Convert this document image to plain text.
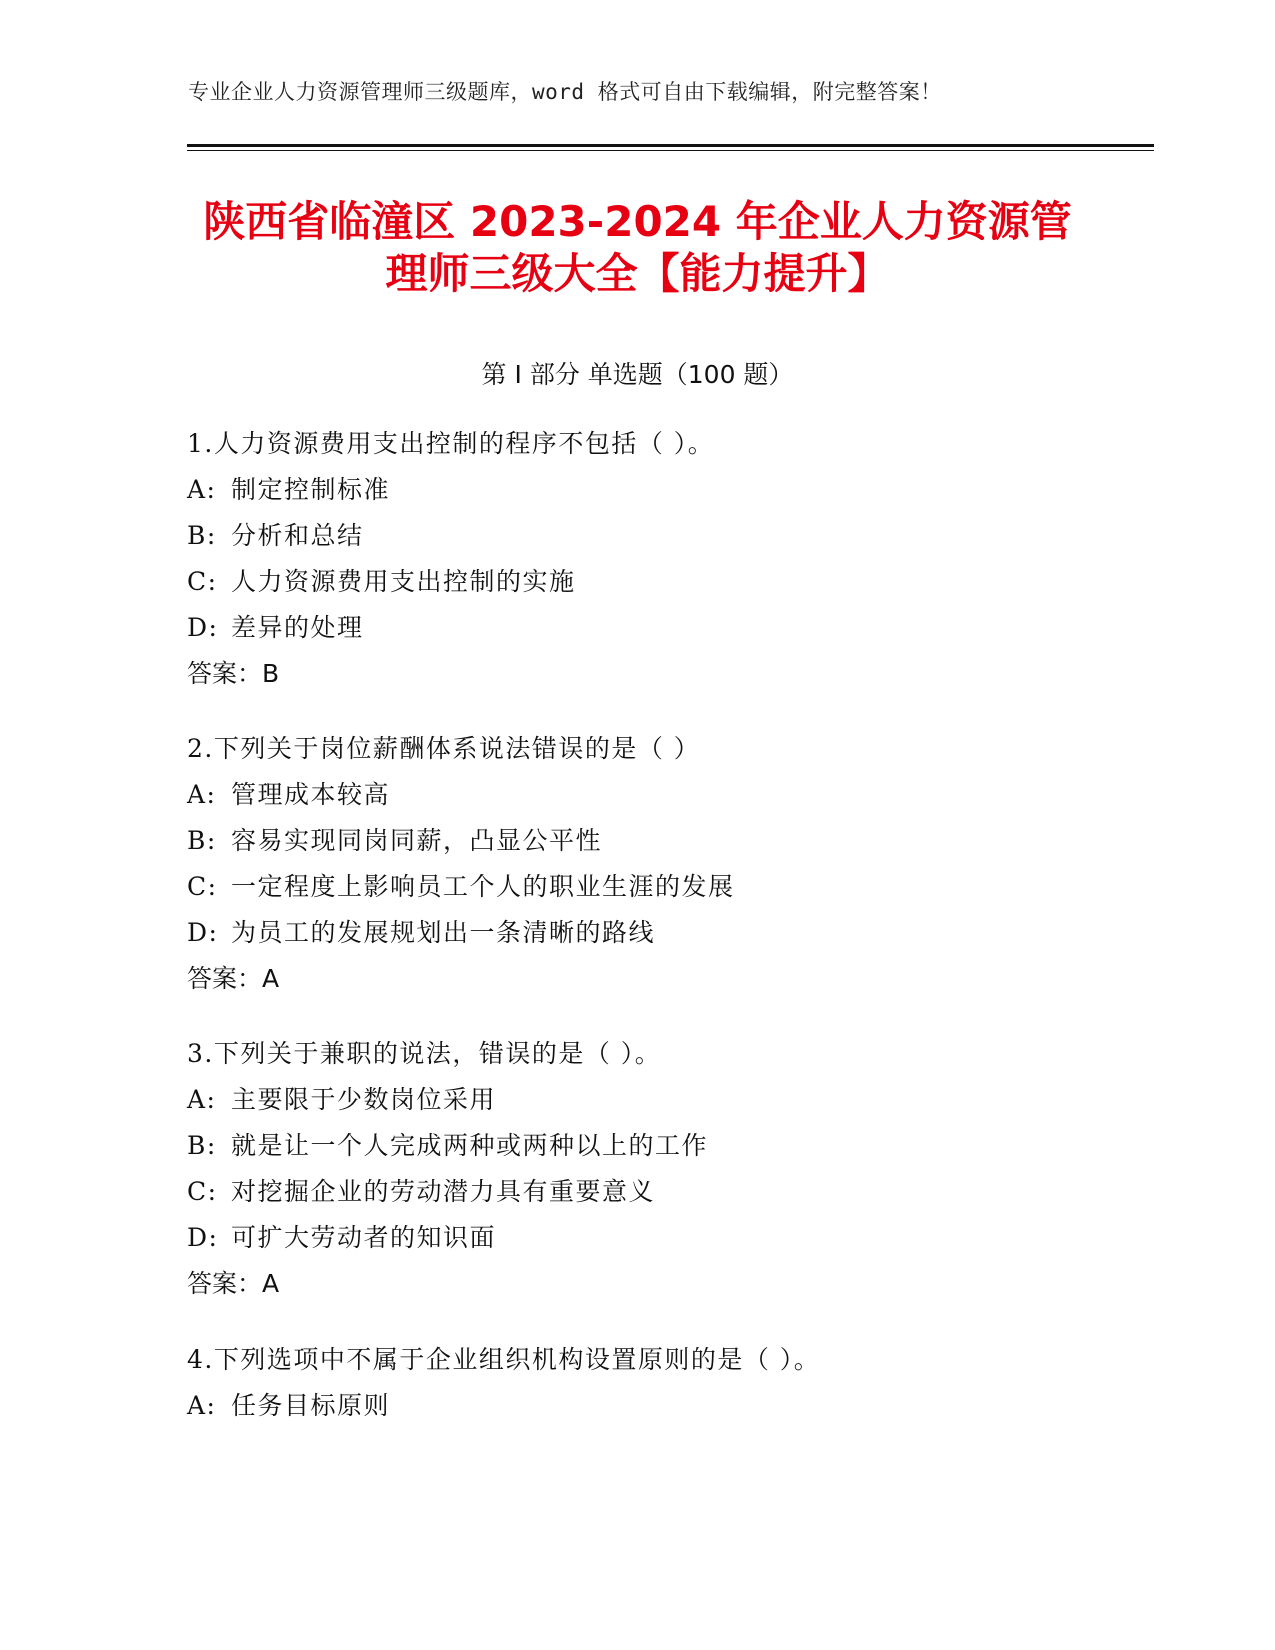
专业企业人力资源管理师三级题库，word 格式可自由下载编辑，附完整答案！
陕西省临潼区 2023-2024 年企业人力资源管
理师三级大全【能力提升】
第 I 部分 单选题（100 题）
1.人力资源费用支出控制的程序不包括（ ）。
A: 制定控制标准
B: 分析和总结
C: 人力资源费用支出控制的实施
D: 差异的处理
答案：B
2.下列关于岗位薪酬体系说法错误的是（ ）
A: 管理成本较高
B: 容易实现同岗同薪，凸显公平性
C: 一定程度上影响员工个人的职业生涯的发展
D: 为员工的发展规划出一条清晰的路线
答案：A
3.下列关于兼职的说法，错误的是（ ）。
A: 主要限于少数岗位采用
B: 就是让一个人完成两种或两种以上的工作
C: 对挖掘企业的劳动潜力具有重要意义
D: 可扩大劳动者的知识面
答案：A
4.下列选项中不属于企业组织机构设置原则的是（ ）。
A: 任务目标原则
